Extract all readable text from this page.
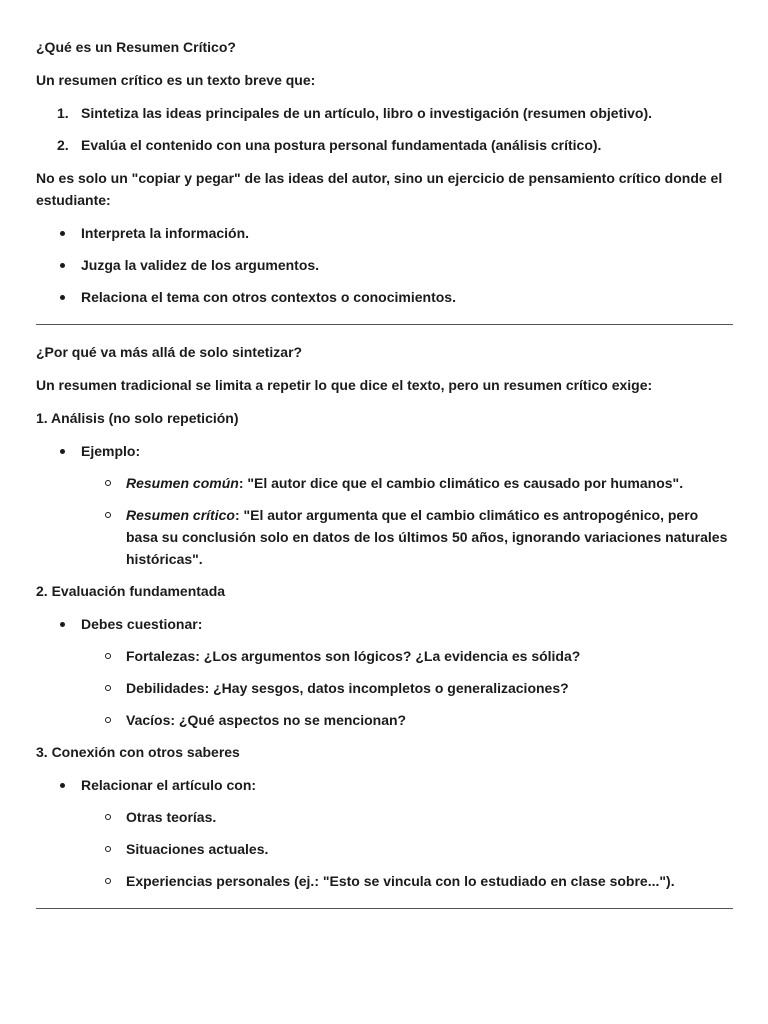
¿Qué es un Resumen Crítico?

Un resumen crítico es un texto breve que:

1. Sintetiza las ideas principales de un artículo, libro o investigación (resumen objetivo).
2. Evalúa el contenido con una postura personal fundamentada (análisis crítico).

No es solo un "copiar y pegar" de las ideas del autor, sino un ejercicio de pensamiento crítico donde el estudiante:

Interpreta la información.
Juzga la validez de los argumentos.
Relaciona el tema con otros contextos o conocimientos.

¿Por qué va más allá de solo sintetizar?

Un resumen tradicional se limita a repetir lo que dice el texto, pero un resumen crítico exige:

1. Análisis (no solo repetición)

Ejemplo:
Resumen común: "El autor dice que el cambio climático es causado por humanos".
Resumen crítico: "El autor argumenta que el cambio climático es antropogénico, pero basa su conclusión solo en datos de los últimos 50 años, ignorando variaciones naturales históricas".

2. Evaluación fundamentada

Debes cuestionar:
Fortalezas: ¿Los argumentos son lógicos? ¿La evidencia es sólida?
Debilidades: ¿Hay sesgos, datos incompletos o generalizaciones?
Vacíos: ¿Qué aspectos no se mencionan?

3. Conexión con otros saberes

Relacionar el artículo con:
Otras teorías.
Situaciones actuales.
Experiencias personales (ej.: "Esto se vincula con lo estudiado en clase sobre...").
